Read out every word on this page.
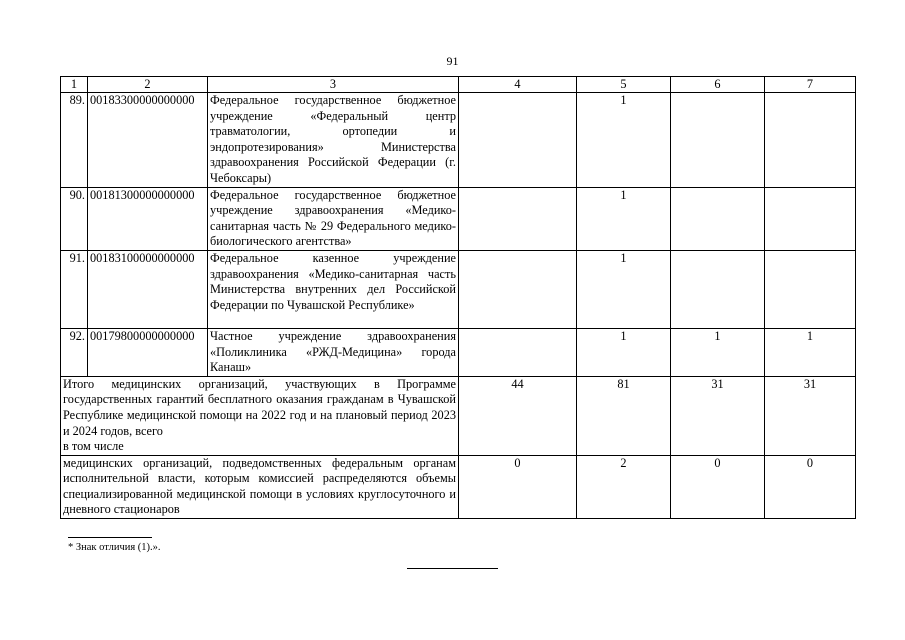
91
1	2	3	4	5	6	7
89.	00183300000000000	Федеральное государственное бюджетное учреждение «Федеральный центр травматологии, ортопедии и эндопротезирования» Министерства здравоохранения Российской Федерации (г. Чебоксары)		1		
90.	00181300000000000	Федеральное государственное бюджетное учреждение здравоохранения «Медико-санитарная часть № 29 Федерального медико-биологического агентства»		1		
91.	00183100000000000	Федеральное казенное учреждение здравоохранения «Медико-санитарная часть Министерства внутренних дел Российской Федерации по Чувашской Республике»		1		
92.	00179800000000000	Частное учреждение здравоохранения «Поликлиника «РЖД-Медицина» города Канаш»		1	1	1

Итого медицинских организаций, участвующих в Программе государственных гарантий бесплатного оказания гражданам в Чувашской Республике медицинской помощи на 2022 год и на плановый период 2023 и 2024 годов, всего
в том числе			44	81	31	31
медицинских организаций, подведомственных федеральным органам исполнительной власти, которым комиссией распределяются объемы специализированной медицинской помощи в условиях круглосуточного и дневного стационаров			0	2	0	0
* Знак отличия (1).».
